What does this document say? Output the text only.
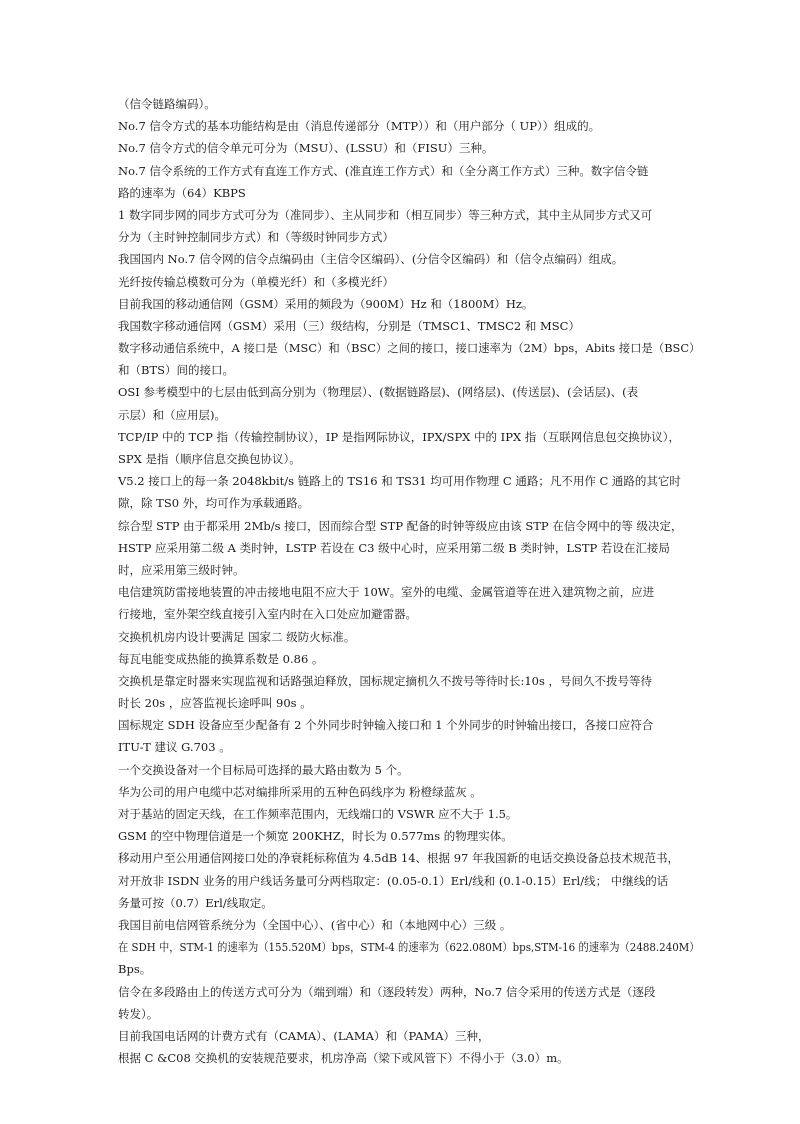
（信令链路编码）。

No.7 信令方式的基本功能结构是由（消息传递部分（MTP））和（用户部分（ UP））组成的。

No.7 信令方式的信令单元可分为（MSU）、(LSSU）和（FISU）三种。

No.7 信令系统的工作方式有直连工作方式、(准直连工作方式）和（全分离工作方式）三种。数字信令链
路的速率为（64）KBPS

1 数字同步网的同步方式可分为（准同步）、主从同步和（相互同步）等三种方式，其中主从同步方式又可
分为（主时钟控制同步方式）和（等级时钟同步方式）

我国国内 No.7 信令网的信令点编码由（主信令区编码）、(分信令区编码）和（信令点编码）组成。

光纤按传输总模数可分为（单模光纤）和（多模光纤）

目前我国的移动通信网（GSM）采用的频段为（900M）Hz 和（1800M）Hz。

我国数字移动通信网（GSM）采用（三）级结构，分别是（TMSC1、TMSC2 和 MSC）

数字移动通信系统中，A 接口是（MSC）和（BSC）之间的接口，接口速率为（2M）bps，Abits 接口是（BSC）
和（BTS）间的接口。

OSI 参考模型中的七层由低到高分别为（物理层）、(数据链路层)、(网络层)、(传送层)、(会话层)、(表
示层）和（应用层)。

TCP/IP 中的 TCP 指（传输控制协议），IP 是指网际协议，IPX/SPX 中的 IPX 指（互联网信息包交换协议），
SPX 是指（顺序信息交换包协议）。

V5.2 接口上的每一条 2048kbit/s 链路上的 TS16 和 TS31 均可用作物理 C 通路；凡不用作 C 通路的其它时
隙，除 TS0 外，均可作为承载通路。

综合型 STP 由于都采用 2Mb/s 接口，因而综合型 STP 配备的时钟等级应由该 STP 在信令网中的等 级决定，
HSTP 应采用第二级 A 类时钟，LSTP 若设在 C3 级中心时，应采用第二级 B 类时钟，LSTP 若设在汇接局
时，应采用第三级时钟。

电信建筑防雷接地装置的冲击接地电阻不应大于 10W。室外的电缆、金属管道等在进入建筑物之前，应进
行接地，室外架空线直接引入室内时在入口处应加避雷器。

交换机机房内设计要满足 国家二 级防火标准。

每瓦电能变成热能的换算系数是 0.86 。

交换机是靠定时器来实现监视和话路强迫释放，国标规定摘机久不拨号等待时长:10s ，号间久不拨号等待
时长 20s ，应答监视长途呼叫 90s 。

国标规定 SDH 设备应至少配备有 2 个外同步时钟输入接口和 1 个外同步的时钟输出接口，各接口应符合
ITU-T 建议 G.703 。

一个交换设备对一个目标局可选择的最大路由数为 5 个。

华为公司的用户电缆中芯对编排所采用的五种色码线序为 粉橙绿蓝灰 。

对于基站的固定天线，在工作频率范围内，无线端口的 VSWR 应不大于 1.5。

GSM 的空中物理信道是一个频宽 200KHZ，时长为 0.577ms 的物理实体。

移动用户至公用通信网接口处的净衰耗标称值为 4.5dB 14、根据 97 年我国新的电话交换设备总技术规范书，
对开放非 ISDN 业务的用户线话务量可分两档取定：(0.05-0.1）Erl/线和 (0.1-0.15）Erl/线； 中继线的话
务量可按（0.7）Erl/线取定。

我国目前电信网管系统分为（全国中心）、(省中心）和（本地网中心）三级 。

在 SDH 中，STM-1 的速率为（155.520M）bps，STM-4 的速率为（622.080M）bps,STM-16 的速率为（2488.240M）
Bps。

信令在多段路由上的传送方式可分为（端到端）和（逐段转发）两种，No.7 信令采用的传送方式是（逐段
转发）。

目前我国电话网的计费方式有（CAMA）、(LAMA）和（PAMA）三种，

根据 C &C08 交换机的安装规范要求，机房净高（梁下或风管下）不得小于（3.0）m。
